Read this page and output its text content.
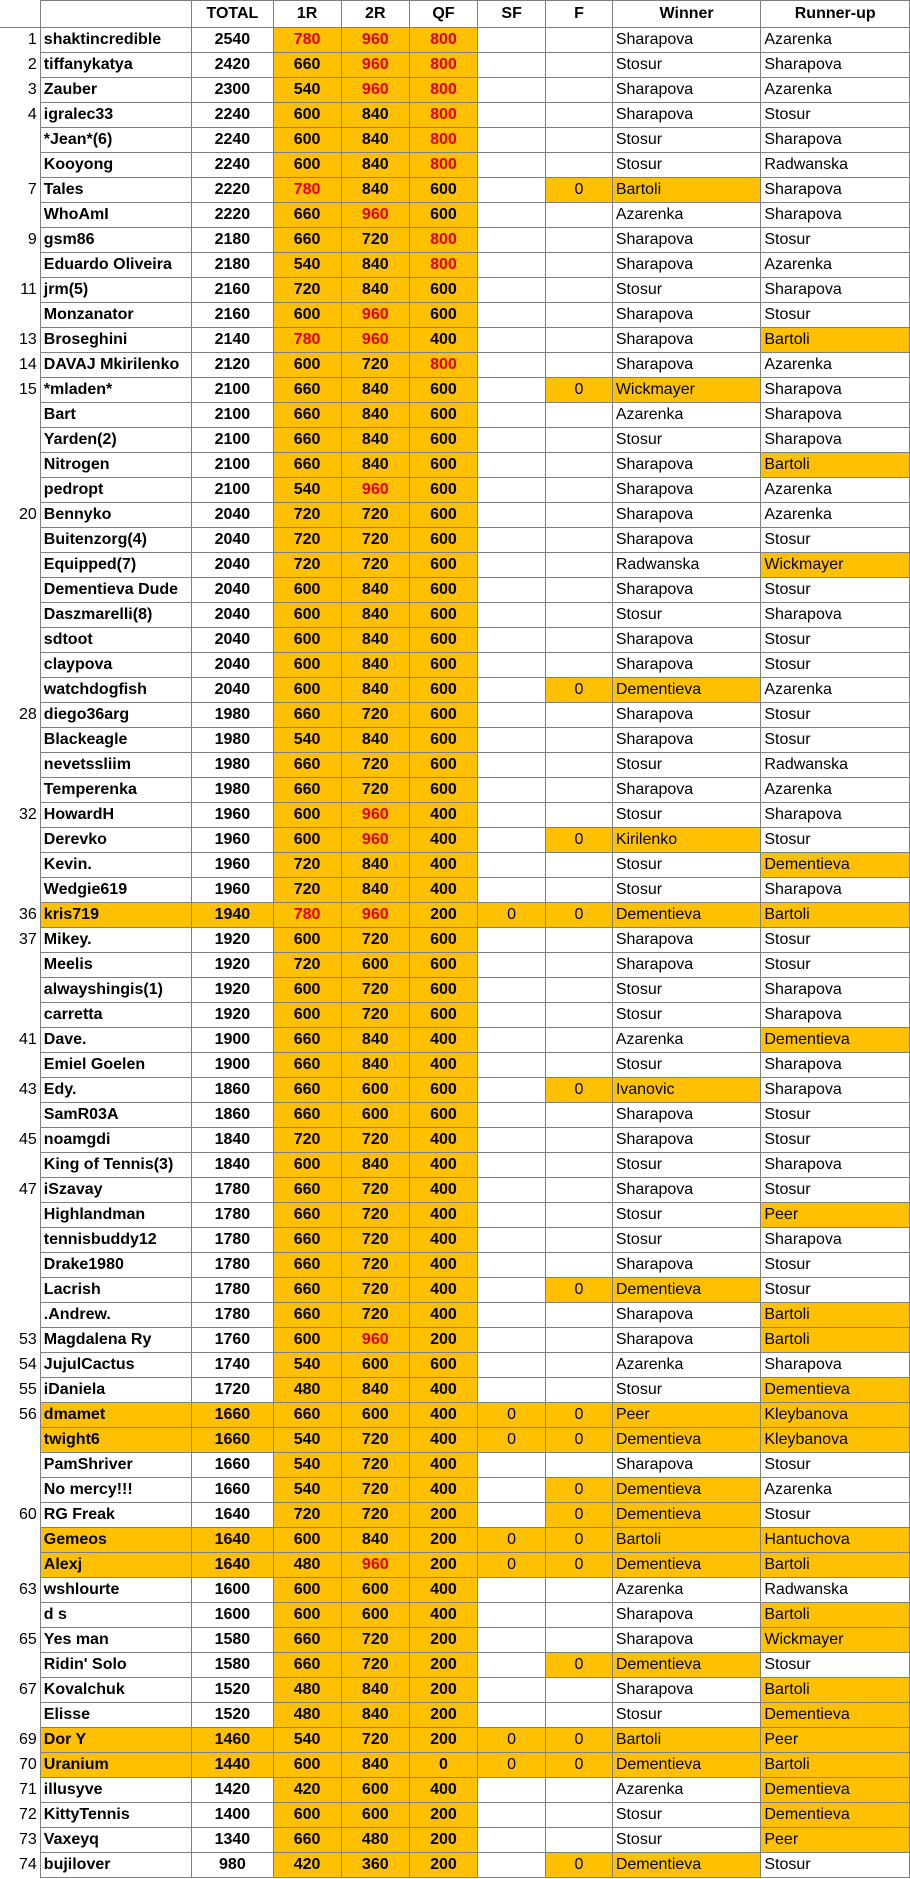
		TOTAL	1R	2R	QF	SF	F	Winner	Runner-up
1	shaktincredible	2540	780	960	800			Sharapova	Azarenka
2	tiffanykatya	2420	660	960	800			Stosur	Sharapova
3	Zauber	2300	540	960	800			Sharapova	Azarenka
4	igralec33	2240	600	840	800			Sharapova	Stosur
	*Jean*(6)	2240	600	840	800			Stosur	Sharapova
	Kooyong	2240	600	840	800			Stosur	Radwanska
7	Tales	2220	780	840	600		0	Bartoli	Sharapova
	WhoAmI	2220	660	960	600			Azarenka	Sharapova
9	gsm86	2180	660	720	800			Sharapova	Stosur
	Eduardo Oliveira	2180	540	840	800			Sharapova	Azarenka
11	jrm(5)	2160	720	840	600			Stosur	Sharapova
	Monzanator	2160	600	960	600			Sharapova	Stosur
13	Broseghini	2140	780	960	400			Sharapova	Bartoli
14	DAVAJ Mkirilenko	2120	600	720	800			Sharapova	Azarenka
15	*mladen*	2100	660	840	600		0	Wickmayer	Sharapova
	Bart	2100	660	840	600			Azarenka	Sharapova
	Yarden(2)	2100	660	840	600			Stosur	Sharapova
	Nitrogen	2100	660	840	600			Sharapova	Bartoli
	pedropt	2100	540	960	600			Sharapova	Azarenka
20	Bennyko	2040	720	720	600			Sharapova	Azarenka
	Buitenzorg(4)	2040	720	720	600			Sharapova	Stosur
	Equipped(7)	2040	720	720	600			Radwanska	Wickmayer
	Dementieva Dude	2040	600	840	600			Sharapova	Stosur
	Daszmarelli(8)	2040	600	840	600			Stosur	Sharapova
	sdtoot	2040	600	840	600			Sharapova	Stosur
	claypova	2040	600	840	600			Sharapova	Stosur
	watchdogfish	2040	600	840	600		0	Dementieva	Azarenka
28	diego36arg	1980	660	720	600			Sharapova	Stosur
	Blackeagle	1980	540	840	600			Sharapova	Stosur
	nevetssliim	1980	660	720	600			Stosur	Radwanska
	Temperenka	1980	660	720	600			Sharapova	Azarenka
32	HowardH	1960	600	960	400			Stosur	Sharapova
	Derevko	1960	600	960	400		0	Kirilenko	Stosur
	Kevin.	1960	720	840	400			Stosur	Dementieva
	Wedgie619	1960	720	840	400			Stosur	Sharapova
36	kris719	1940	780	960	200	0	0	Dementieva	Bartoli
37	Mikey.	1920	600	720	600			Sharapova	Stosur
	Meelis	1920	720	600	600			Sharapova	Stosur
	alwayshingis(1)	1920	600	720	600			Stosur	Sharapova
	carretta	1920	600	720	600			Stosur	Sharapova
41	Dave.	1900	660	840	400			Azarenka	Dementieva
	Emiel Goelen	1900	660	840	400			Stosur	Sharapova
43	Edy.	1860	660	600	600		0	Ivanovic	Sharapova
	SamR03A	1860	660	600	600			Sharapova	Stosur
45	noamgdi	1840	720	720	400			Sharapova	Stosur
	King of Tennis(3)	1840	600	840	400			Stosur	Sharapova
47	iSzavay	1780	660	720	400			Sharapova	Stosur
	Highlandman	1780	660	720	400			Stosur	Peer
	tennisbuddy12	1780	660	720	400			Stosur	Sharapova
	Drake1980	1780	660	720	400			Sharapova	Stosur
	Lacrish	1780	660	720	400		0	Dementieva	Stosur
	.Andrew.	1780	660	720	400			Sharapova	Bartoli
53	Magdalena Ry	1760	600	960	200			Sharapova	Bartoli
54	JujulCactus	1740	540	600	600			Azarenka	Sharapova
55	iDaniela	1720	480	840	400			Stosur	Dementieva
56	dmamet	1660	660	600	400	0	0	Peer	Kleybanova
	twight6	1660	540	720	400	0	0	Dementieva	Kleybanova
	PamShriver	1660	540	720	400			Sharapova	Stosur
	No mercy!!!	1660	540	720	400		0	Dementieva	Azarenka
60	RG Freak	1640	720	720	200		0	Dementieva	Stosur
	Gemeos	1640	600	840	200	0	0	Bartoli	Hantuchova
	Alexj	1640	480	960	200	0	0	Dementieva	Bartoli
63	wshlourte	1600	600	600	400			Azarenka	Radwanska
	d s	1600	600	600	400			Sharapova	Bartoli
65	Yes man	1580	660	720	200			Sharapova	Wickmayer
	Ridin' Solo	1580	660	720	200		0	Dementieva	Stosur
67	Kovalchuk	1520	480	840	200			Sharapova	Bartoli
	Elisse	1520	480	840	200			Stosur	Dementieva
69	Dor Y	1460	540	720	200	0	0	Bartoli	Peer
70	Uranium	1440	600	840	0	0	0	Dementieva	Bartoli
71	illusyve	1420	420	600	400			Azarenka	Dementieva
72	KittyTennis	1400	600	600	200			Stosur	Dementieva
73	Vaxeyq	1340	660	480	200			Stosur	Peer
74	bujilover	980	420	360	200		0	Dementieva	Stosur
